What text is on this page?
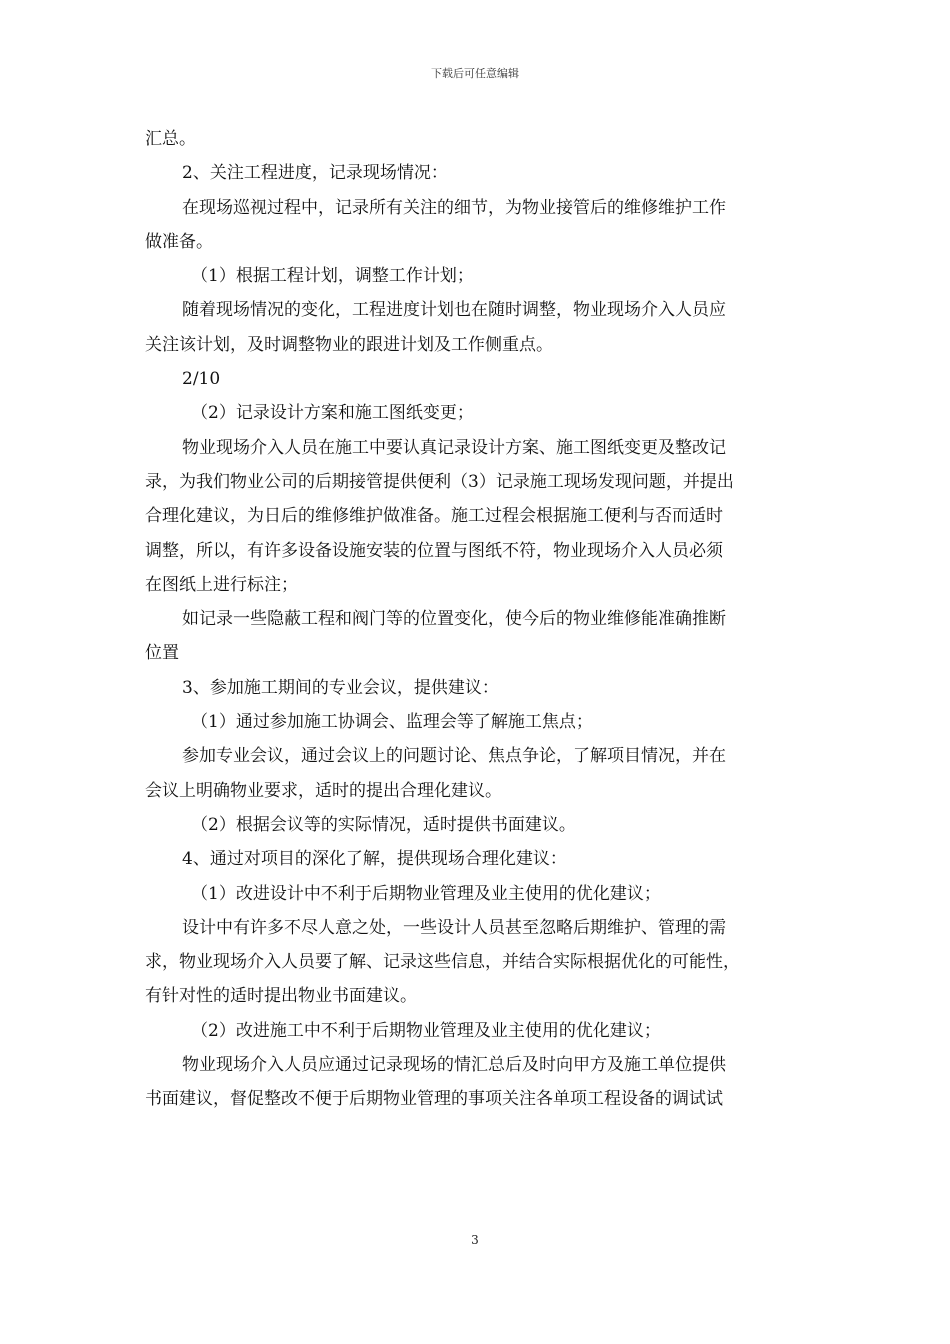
下载后可任意编辑

汇总。

2、关注工程进度，记录现场情况：

在现场巡视过程中，记录所有关注的细节，为物业接管后的维修维护工作

做准备。

（1）根据工程计划，调整工作计划；

随着现场情况的变化，工程进度计划也在随时调整，物业现场介入人员应

关注该计划，及时调整物业的跟进计划及工作侧重点。

2/10

（2）记录设计方案和施工图纸变更；

物业现场介入人员在施工中要认真记录设计方案、施工图纸变更及整改记

录，为我们物业公司的后期接管提供便利（3）记录施工现场发现问题，并提出

合理化建议，为日后的维修维护做准备。施工过程会根据施工便利与否而适时

调整，所以，有许多设备设施安装的位置与图纸不符，物业现场介入人员必须

在图纸上进行标注；

如记录一些隐蔽工程和阀门等的位置变化，使今后的物业维修能准确推断

位置

3、参加施工期间的专业会议，提供建议：

（1）通过参加施工协调会、监理会等了解施工焦点；

参加专业会议，通过会议上的问题讨论、焦点争论，了解项目情况，并在

会议上明确物业要求，适时的提出合理化建议。

（2）根据会议等的实际情况，适时提供书面建议。

4、通过对项目的深化了解，提供现场合理化建议：

（1）改进设计中不利于后期物业管理及业主使用的优化建议；

设计中有许多不尽人意之处，一些设计人员甚至忽略后期维护、管理的需

求，物业现场介入人员要了解、记录这些信息，并结合实际根据优化的可能性，

有针对性的适时提出物业书面建议。

（2）改进施工中不利于后期物业管理及业主使用的优化建议；

物业现场介入人员应通过记录现场的情汇总后及时向甲方及施工单位提供

书面建议，督促整改不便于后期物业管理的事项关注各单项工程设备的调试试

3
